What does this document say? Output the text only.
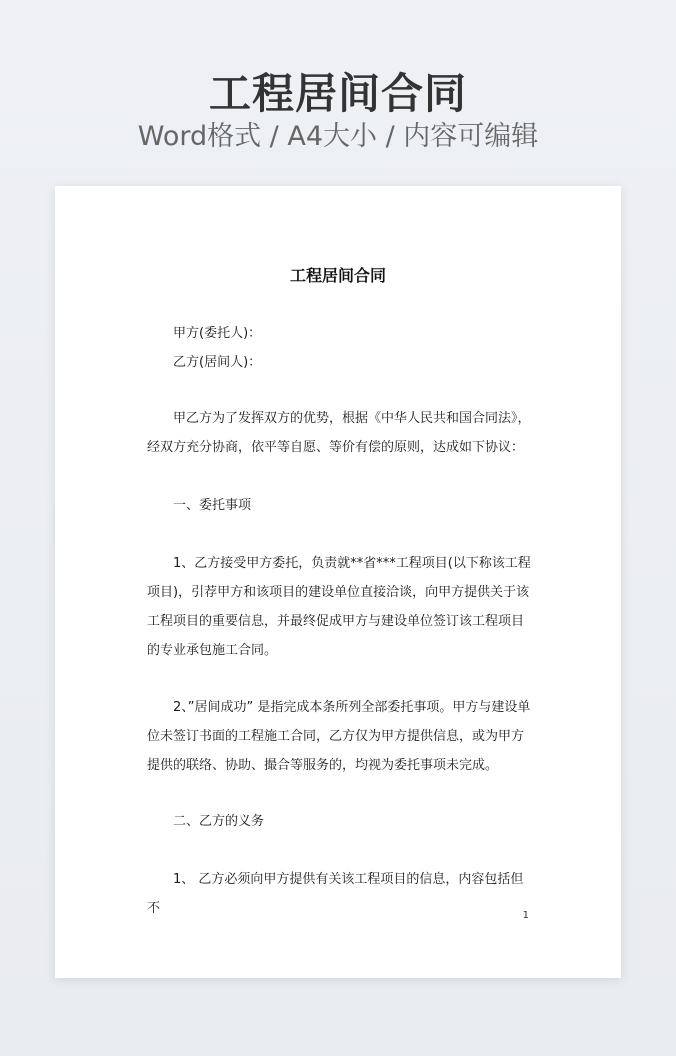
工程居间合同
Word格式 / A4大小 / 内容可编辑
工程居间合同
甲方(委托人)：
乙方(居间人)：
甲乙方为了发挥双方的优势，根据《中华人民共和国合同法》，经双方充分协商，依平等自愿、等价有偿的原则，达成如下协议：
一、委托事项
1、乙方接受甲方委托，负责就**省***工程项目(以下称该工程项目)，引荐甲方和该项目的建设单位直接洽谈，向甲方提供关于该工程项目的重要信息，并最终促成甲方与建设单位签订该工程项目的专业承包施工合同。
2、”居间成功” 是指完成本条所列全部委托事项。甲方与建设单位未签订书面的工程施工合同，乙方仅为甲方提供信息，或为甲方提供的联络、协助、撮合等服务的，均视为委托事项未完成。
二、乙方的义务
1、 乙方必须向甲方提供有关该工程项目的信息，内容包括但不	1
